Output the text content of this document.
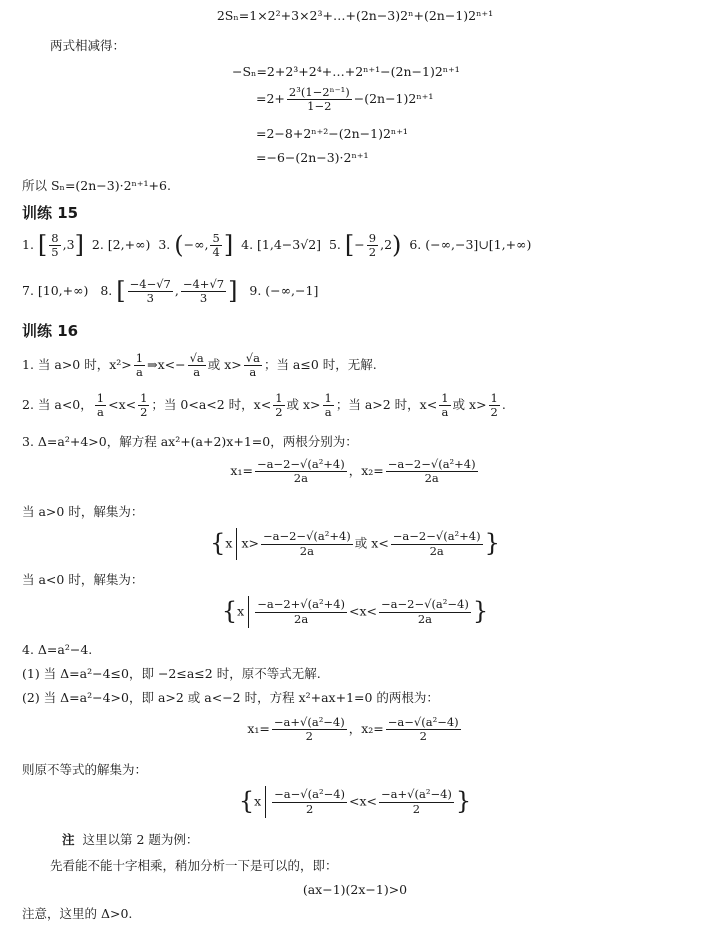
2Sₙ=1×2²+3×2³+…+(2n−3)2ⁿ+(2n−1)2ⁿ⁺¹
两式相减得：
−Sₙ=2+2³+2⁴+…+2ⁿ⁺¹−(2n−1)2ⁿ⁺¹
$=2+ \frac{\text{2³(1−2ⁿ⁻¹)}}{1-2} -(2n-1)2^{n+1}$
=2−8+2ⁿ⁺²−(2n−1)2ⁿ⁺¹
=−6−(2n−3)·2ⁿ⁺¹
所以 Sₙ=(2n−3)·2ⁿ⁺¹+6.
训练 15
1. [ $\frac{8}{5} ,3$] 2. [2,+∞) 3. (−∞, $\frac{5}{4}$ ] 4. [1,4−3√2] 5. [− $\frac{9}{2} ,2$) 6. (−∞,−3]∪[1,+∞)
7. [10,+∞) 8. [ $\frac{-4-√7}{3}$ , $\frac{-4+√7}{3}$ ] 9. (−∞,−1]
训练 16
1. 当 a>0 时，$x^2> \frac{1}{a}$ ⇒x<− $\frac{√a}{a}$ 或 $x> \frac{√a}{a}$ ；当 a≤0 时，无解.
2. 当 a<0， $\frac{1}{a} <x< \frac{1}{2}$ ；当 0<a<2 时，$x< \frac{1}{2}$ 或 $x> \frac{1}{a}$ ；当 a>2 时，$x< \frac{1}{a}$ 或 $x> \frac{1}{2}$ .
3. Δ=a²+4>0，解方程 ax²+(a+2)x+1=0，两根分别为：
$x_1= \frac{\text{−a−2−√(a²+4)}}{2a}$ ，$x_2= \frac{\text{−a−2−√(a²+4)}}{2a}$
当 a>0 时，解集为：
{x $x> \frac{\text{−a−2−√(a²+4)}}{2a}$ 或 $x< \frac{\text{−a−2−√(a²+4)}}{2a}$ }
当 a<0 时，解集为：
{$x \frac{\text{−a−2+√(a²+4)}}{2a} <x< \frac{\text{−a−2−√(a²−4)}}{2a}$ }
4. Δ=a²−4.
(1) 当 Δ=a²−4≤0，即 −2≤a≤2 时，原不等式无解.
(2) 当 Δ=a²−4>0，即 a>2 或 a<−2 时，方程 x²+ax+1=0 的两根为：
$x_1= \frac{\text{−a+√(a²−4)}}{2}$ ，$x_2= \frac{\text{−a−√(a²−4)}}{2}$
则原不等式的解集为：
{$x \frac{\text{−a−√(a²−4)}}{2} <x< \frac{\text{−a+√(a²−4)}}{2}$ }
注 这里以第 2 题为例：
先看能不能十字相乘，稍加分析一下是可以的，即：
(ax−1)(2x−1)>0
注意，这里的 Δ>0.
